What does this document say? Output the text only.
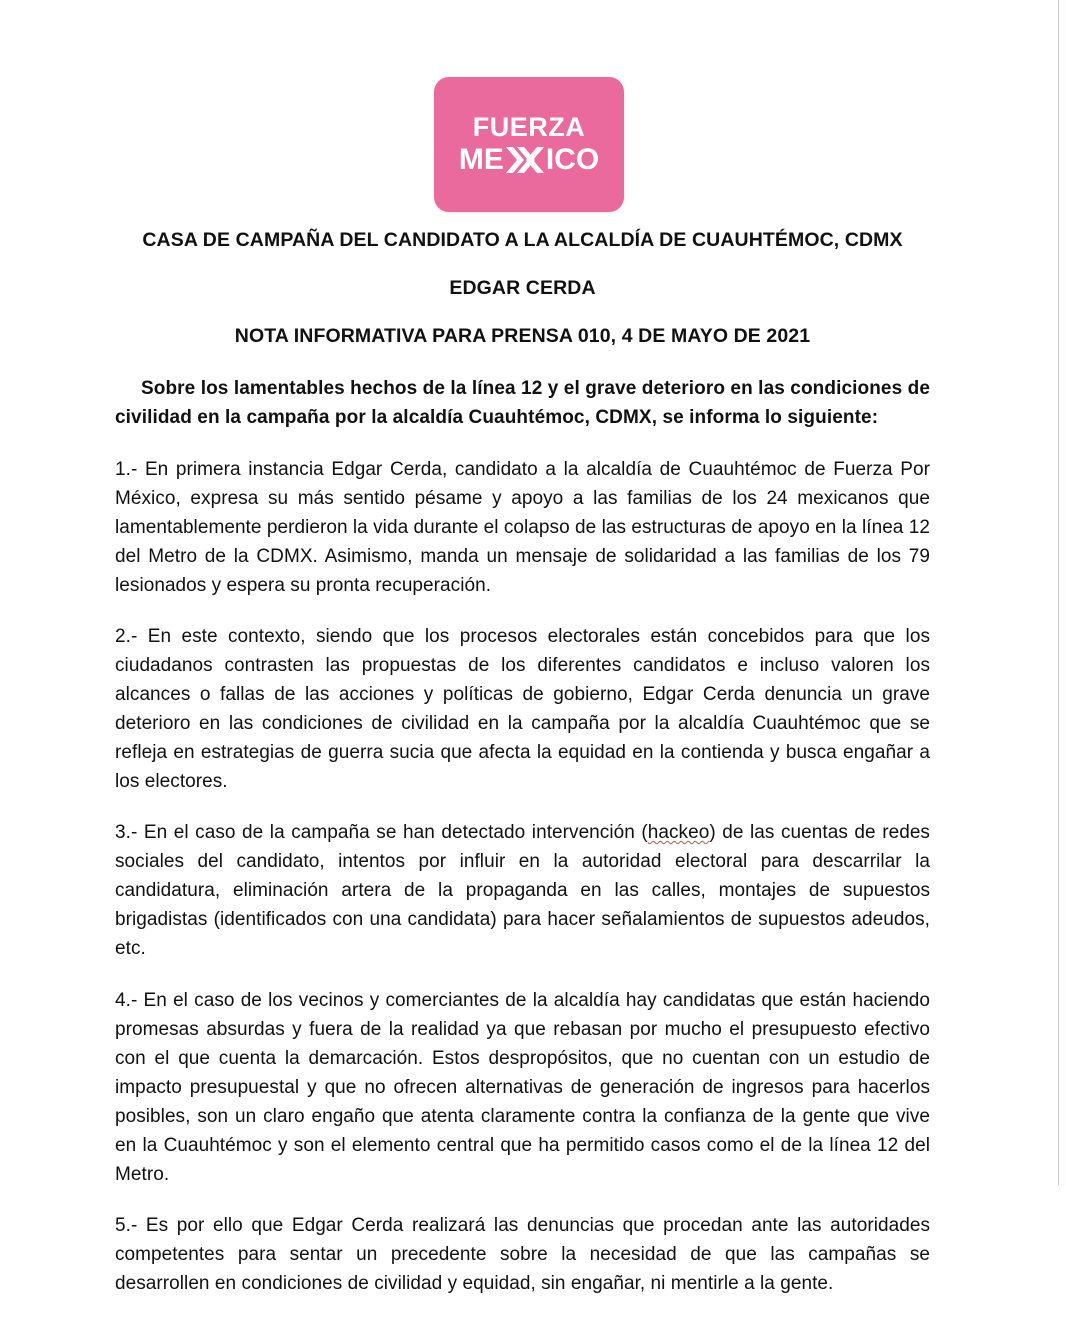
FUERZA
ME ICO

CASA DE CAMPAÑA DEL CANDIDATO A LA ALCALDÍA DE CUAUHTÉMOC, CDMX

EDGAR CERDA

NOTA INFORMATIVA PARA PRENSA 010, 4 DE MAYO DE 2021

Sobre los lamentables hechos de la línea 12 y el grave deterioro en las condiciones de civilidad en la campaña por la alcaldía Cuauhtémoc, CDMX, se informa lo siguiente:

1.- En primera instancia Edgar Cerda, candidato a la alcaldía de Cuauhtémoc de Fuerza Por México, expresa su más sentido pésame y apoyo a las familias de los 24 mexicanos que lamentablemente perdieron la vida durante el colapso de las estructuras de apoyo en la línea 12 del Metro de la CDMX. Asimismo, manda un mensaje de solidaridad a las familias de los 79 lesionados y espera su pronta recuperación.

2.- En este contexto, siendo que los procesos electorales están concebidos para que los ciudadanos contrasten las propuestas de los diferentes candidatos e incluso valoren los alcances o fallas de las acciones y políticas de gobierno, Edgar Cerda denuncia un grave deterioro en las condiciones de civilidad en la campaña por la alcaldía Cuauhtémoc que se refleja en estrategias de guerra sucia que afecta la equidad en la contienda y busca engañar a los electores.

3.- En el caso de la campaña se han detectado intervención (hackeo) de las cuentas de redes sociales del candidato, intentos por influir en la autoridad electoral para descarrilar la candidatura, eliminación artera de la propaganda en las calles, montajes de supuestos brigadistas (identificados con una candidata) para hacer señalamientos de supuestos adeudos, etc.

4.- En el caso de los vecinos y comerciantes de la alcaldía hay candidatas que están haciendo promesas absurdas y fuera de la realidad ya que rebasan por mucho el presupuesto efectivo con el que cuenta la demarcación. Estos despropósitos, que no cuentan con un estudio de impacto presupuestal y que no ofrecen alternativas de generación de ingresos para hacerlos posibles, son un claro engaño que atenta claramente contra la confianza de la gente que vive en la Cuauhtémoc y son el elemento central que ha permitido casos como el de la línea 12 del Metro.

5.- Es por ello que Edgar Cerda realizará las denuncias que procedan ante las autoridades competentes para sentar un precedente sobre la necesidad de que las campañas se desarrollen en condiciones de civilidad y equidad, sin engañar, ni mentirle a la gente.
